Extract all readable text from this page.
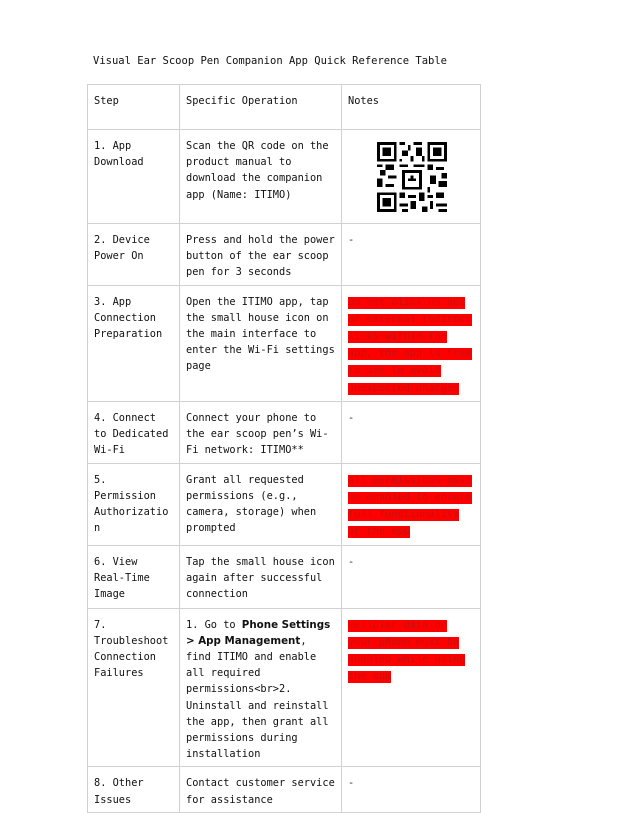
Visual Ear Scoop Pen Companion App Quick Reference Table
Step	Specific Operation	Notes
1. App Download	Scan the QR code on the product manual to download the companion app (Name: ITIMO)	

2. Device Power On	Press and hold the power button of the ear scoop pen for 3 seconds	-
3. App Connection Preparation	Open the ITIMO app, tap the small house icon on the main interface to enter the Wi-Fi settings page	Do not click on ads or external redirect links within the app, the app is free to use to avoid unexpected charges
4. Connect to Dedicated Wi-Fi	Connect your phone to the ear scoop pen’s Wi-Fi network: ITIMO**	-
5. Permission Authorization	Grant all requested permissions (e.g., camera, storage) when prompted	All permissions must be enabled to ensure full functionality of the app
6. View Real-Time Image	Tap the small house icon again after successful connection	-
7. Troubleshoot Connection Failures	1. Go to Phone Settings > App Management, find ITIMO and enable all required permissions<br>2. Uninstall and reinstall the app, then grant all permissions during installation	Cellular data on your phone must be enabled while using the app
8. Other Issues	Contact customer service for assistance	-
